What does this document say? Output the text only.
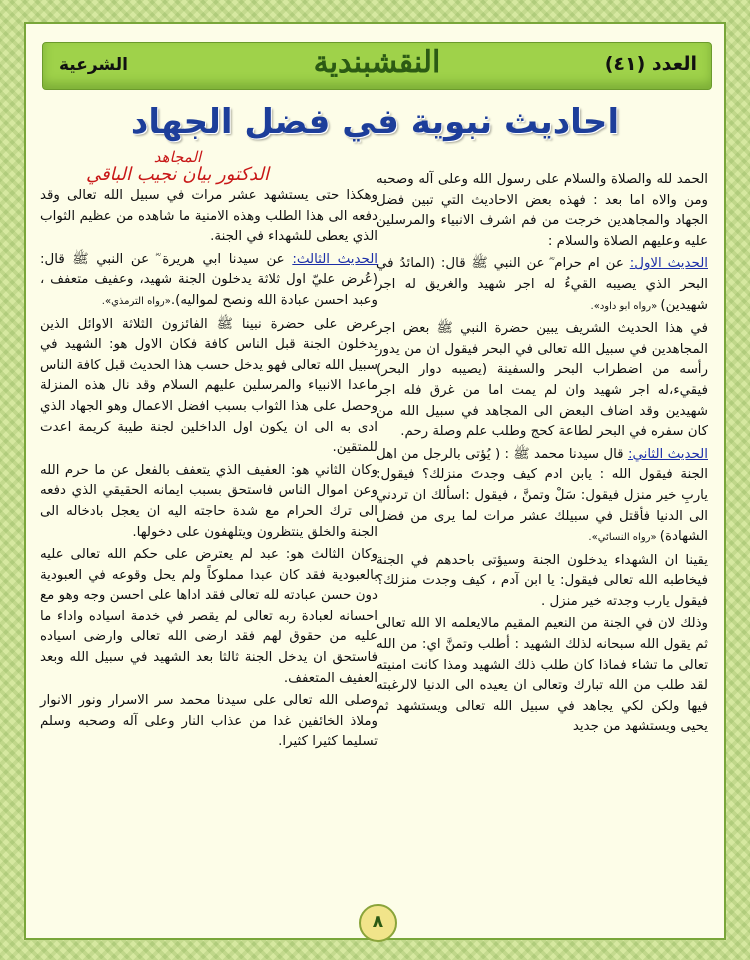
العدد (٤١)
النقشبندية
الشرعية
احاديث نبوية في فضل الجهاد
المجاهد
الدكتور بيان نجيب الباقي	الحمد لله والصلاة والسلام على رسول الله وعلى آله وصحبه ومن والاه اما بعد : فهذه بعض الاحاديث التي تبين فضل الجهاد والمجاهدين خرجت من فم اشرف الانبياء والمرسلين عليه وعليهم الصلاة والسلام :

الحديث الاول: عن ام حرام ؓ عن النبي ﷺ قال: (المائدُ في البحر الذي يصيبه القيءُ له اجر شهيد والغريق له اجر شهيدين) «رواه ابو داود».

في هذا الحديث الشريف يبين حضرة النبي ﷺ بعض اجر المجاهدين في سبيل الله تعالى في البحر فيقول ان من يدور رأسه من اضطراب البحر والسفينة (يصيبه دوار البحر) فيقيء،له اجر شهيد وان لم يمت اما من غرق فله اجر شهيدين وقد اضاف البعض الى المجاهد في سبيل الله من كان سفره في البحر لطاعة كحج وطلب علم وصلة رحم.

الحديث الثاني: قال سيدنا محمد ﷺ : ( يُؤتى بالرجل من اهل الجنة فيقول الله : يابن ادم كيف وجدتَ منزلك؟ فيقول: ياربِ خير منزل فيقول: سَلْ وتمنَّ ، فيقول :اسألك ان تردني الى الدنيا فأقتل في سبيلك عشر مرات لما يرى من فضل الشهادة) «رواه النسائي».

يقينا ان الشهداء يدخلون الجنة وسيؤتى باحدهم في الجنة فيخاطبه الله تعالى فيقول: يا ابن آدم ، كيف وجدت منزلك؟ فيقول يارب وجدته خير منزل .

وذلك لان في الجنة من النعيم المقيم مالايعلمه الا الله تعالى ثم يقول الله سبحانه لذلك الشهيد : أطلب وتمنَّ اي: من الله تعالى ما تشاء فماذا كان طلب ذلك الشهيد ومذا كانت امنيته لقد طلب من الله تبارك وتعالى ان يعيده الى الدنيا لالرغبته فيها ولكن لكي يجاهد في سبيل الله تعالى ويستشهد ثم يحيى ويستشهد من جديد

وهكذا حتى يستشهد عشر مرات في سبيل الله تعالى وقد دفعه الى هذا الطلب وهذه الامنية ما شاهده من عظيم الثواب الذي يعطى للشهداء في الجنة.

الحديث الثالث: عن سيدنا ابي هريرة ؓ عن النبي ﷺ قال: (عُرض عليّ اول ثلاثة يدخلون الجنة شهيد، وعفيف متعفف ، وعبد احسن عبادة الله ونصح لمواليه).«رواه الترمذي».

عرض على حضرة نبينا ﷺ الفائزون الثلاثة الاوائل الذين يدخلون الجنة قبل الناس كافة فكان الاول هو: الشهيد في سبيل الله تعالى فهو يدخل حسب هذا الحديث قبل كافة الناس ماعدا الانبياء والمرسلين عليهم السلام وقد نال هذه المنزلة وحصل على هذا الثواب بسبب افضل الاعمال وهو الجهاد الذي ادى به الى ان يكون اول الداخلين لجنة طيبة كريمة اعدت للمتقين.

وكان الثاني هو: العفيف الذي يتعفف بالفعل عن ما حرم الله وعن اموال الناس فاستحق بسبب ايمانه الحقيقي الذي دفعه الى ترك الحرام مع شدة حاجته اليه ان يعجل بادخاله الى الجنة والخلق ينتظرون ويتلهفون على دخولها.

وكان الثالث هو: عبد لم يعترض على حكم الله تعالى عليه بالعبودية فقد كان عبدا مملوكاً ولم يحل وقوعه في العبودية دون حسن عبادته لله تعالى فقد اداها على احسن وجه وهو مع احسانه لعبادة ربه تعالى لم يقصر في خدمة اسياده واداء ما عليه من حقوق لهم فقد ارضى الله تعالى وارضى اسياده فاستحق ان يدخل الجنة ثالثا بعد الشهيد في سبيل الله وبعد العفيف المتعفف.

وصلى الله تعالى على سيدنا محمد سر الاسرار ونور الانوار وملاذ الخائفين غدا من عذاب النار وعلى آله وصحبه وسلم تسليما كثيرا كثيرا.

٨
